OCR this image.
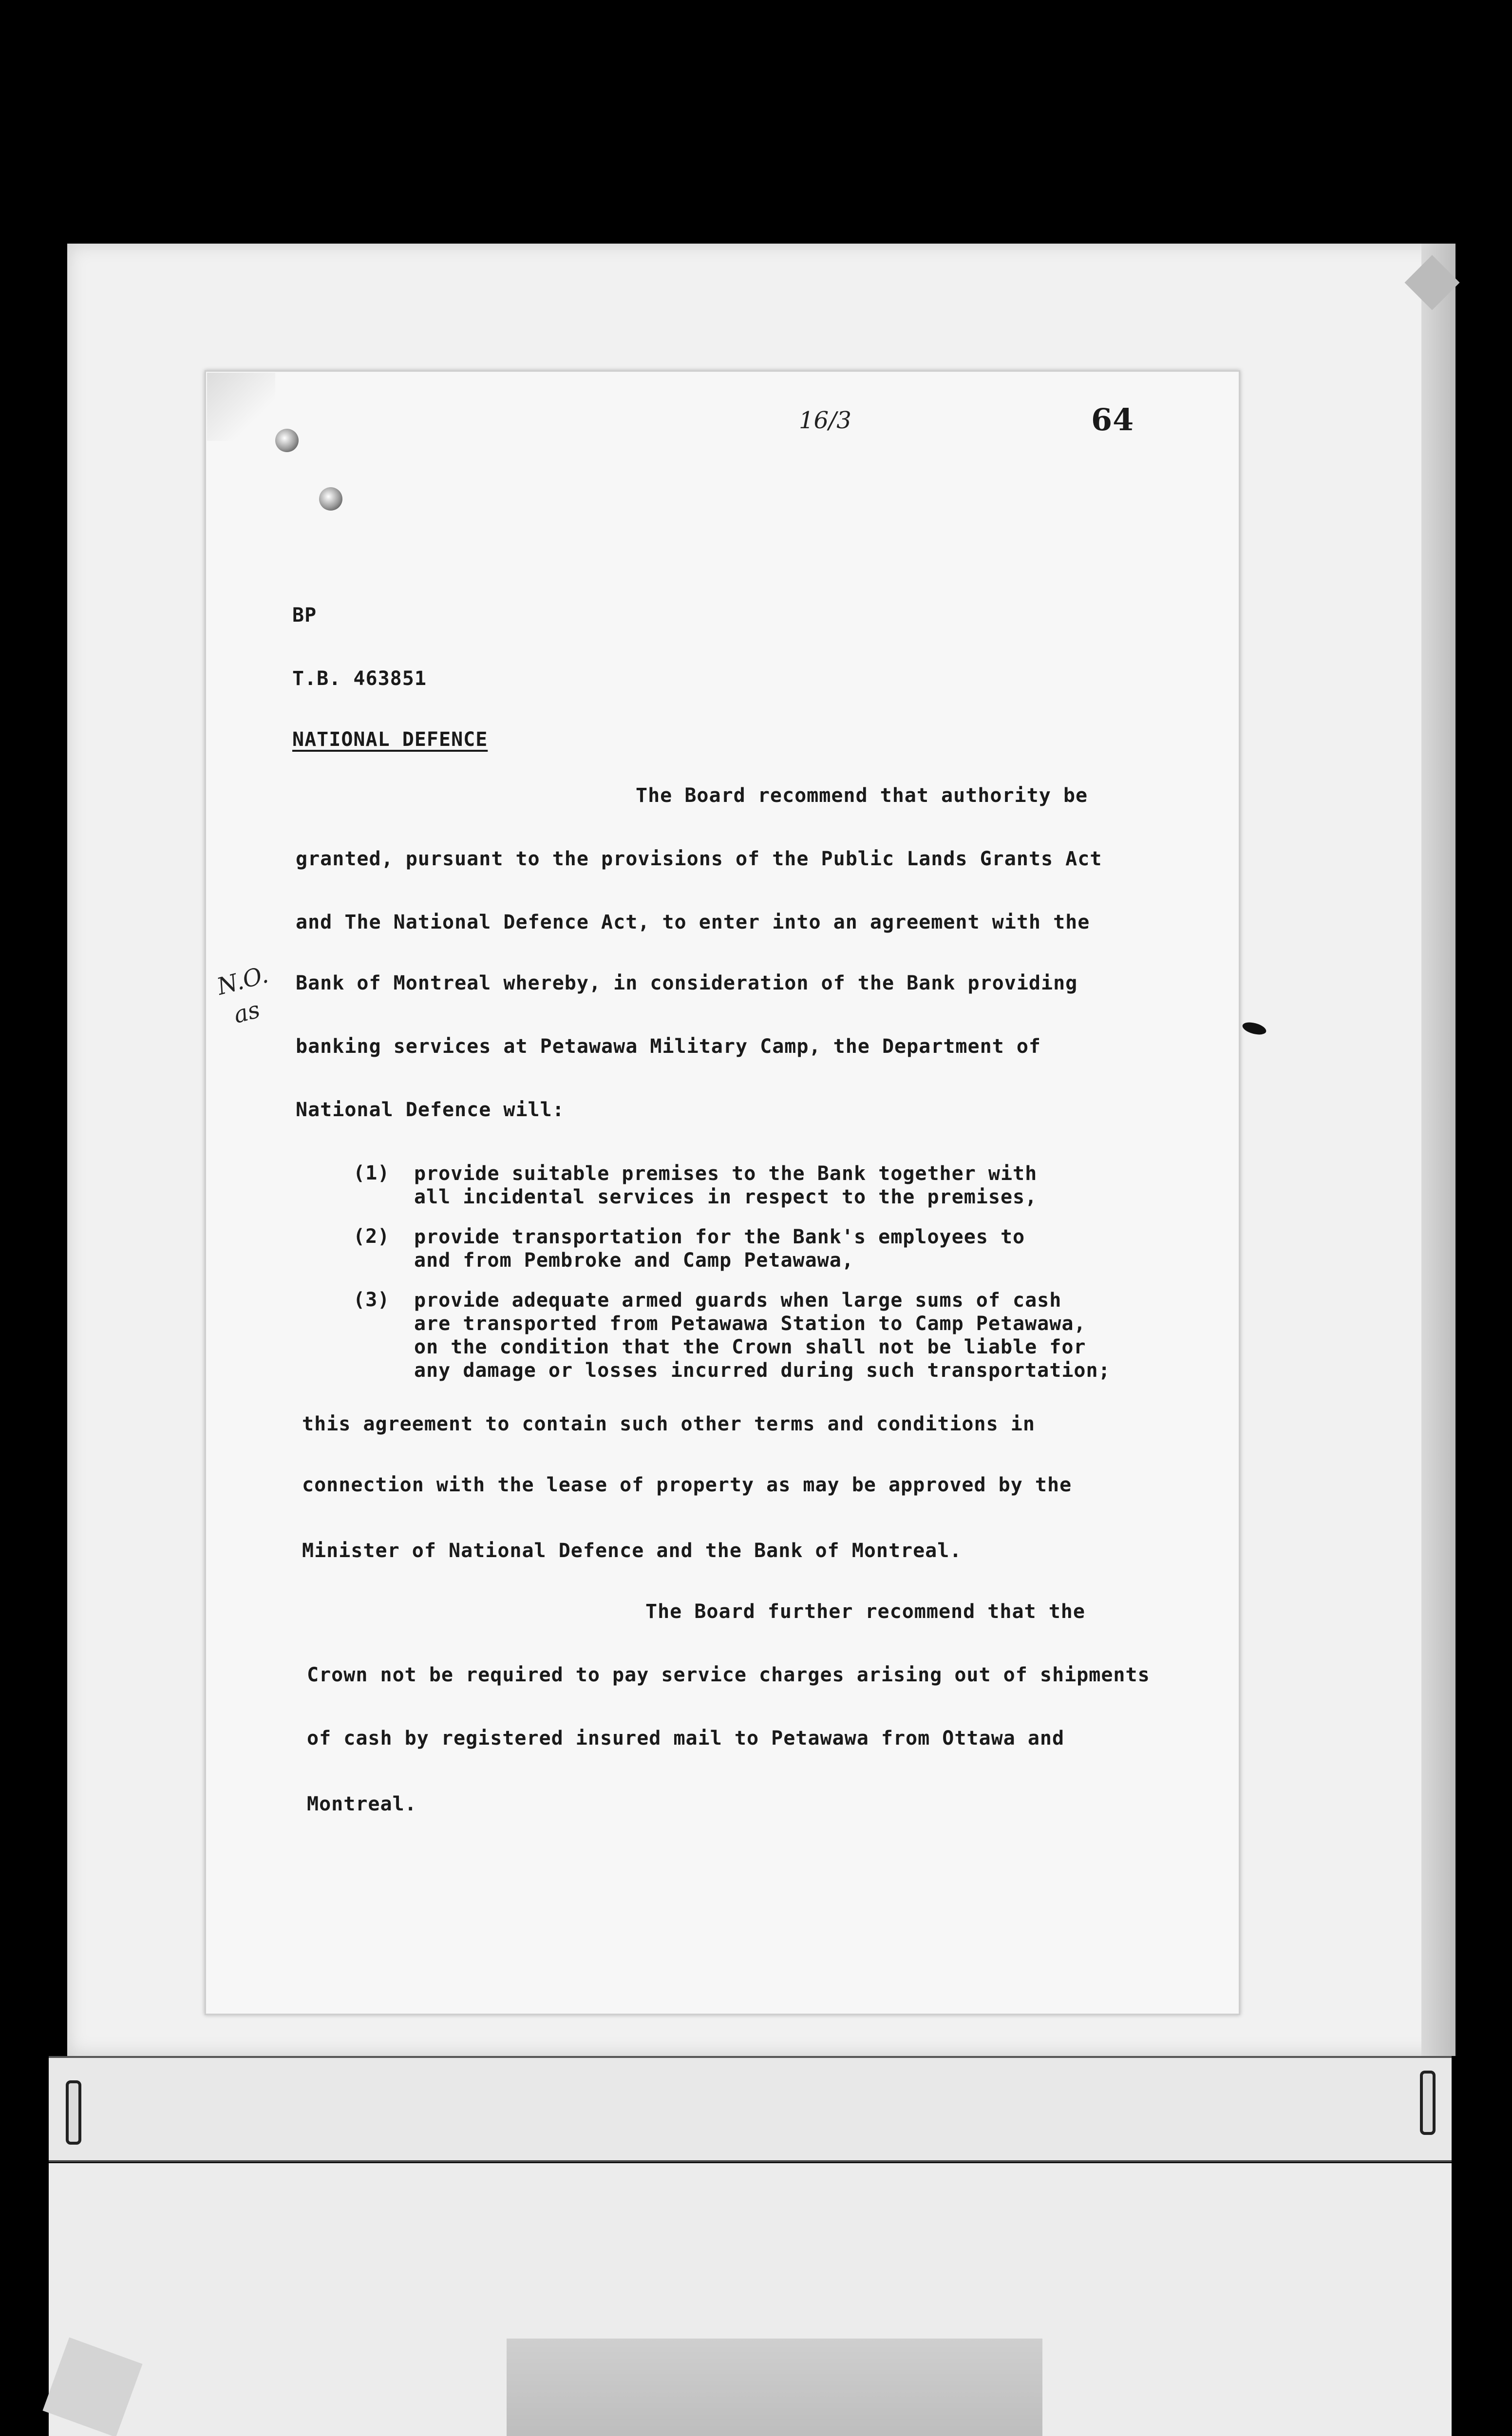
16/3	64
BP
T.B. 463851
NATIONAL DEFENCE
The Board recommend that authority be
granted, pursuant to the provisions of the Public Lands Grants Act
and The National Defence Act, to enter into an agreement with the
Bank of Montreal whereby, in consideration of the Bank providing
banking services at Petawawa Military Camp, the Department of
National Defence will:
N.O.
as
(1) provide suitable premises to the Bank together with
all incidental services in respect to the premises,
(2) provide transportation for the Bank's employees to
and from Pembroke and Camp Petawawa,
(3) provide adequate armed guards when large sums of cash
are transported from Petawawa Station to Camp Petawawa,
on the condition that the Crown shall not be liable for
any damage or losses incurred during such transportation;
this agreement to contain such other terms and conditions in
connection with the lease of property as may be approved by the
Minister of National Defence and the Bank of Montreal.
The Board further recommend that the
Crown not be required to pay service charges arising out of shipments
of cash by registered insured mail to Petawawa from Ottawa and
Montreal.
